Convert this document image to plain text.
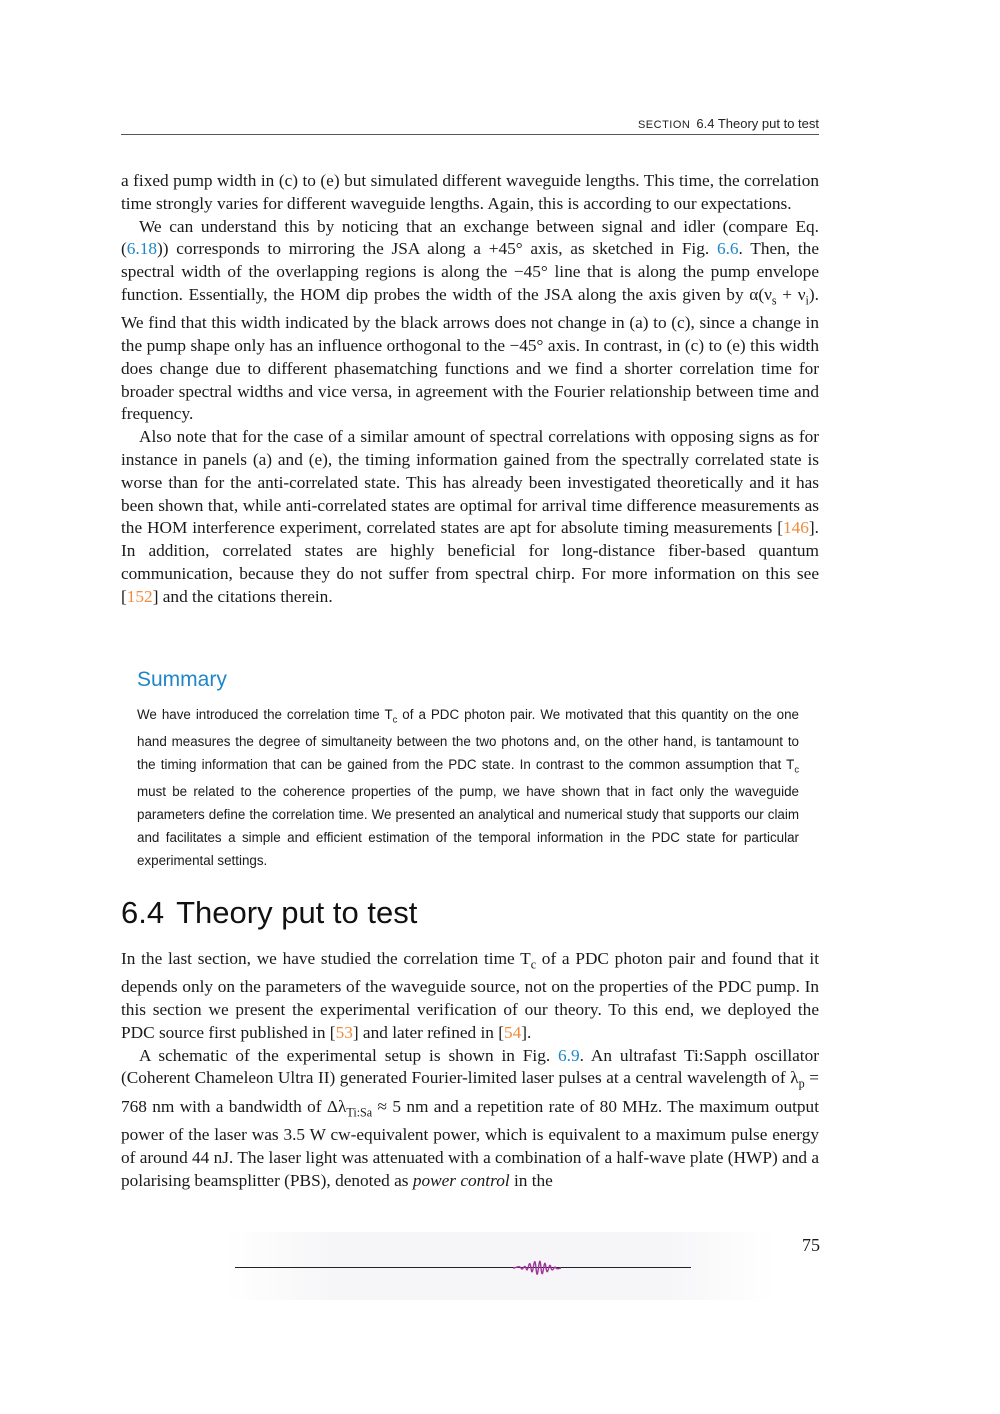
SECTION 6.4 Theory put to test

a fixed pump width in (c) to (e) but simulated different waveguide lengths. This time, the correlation time strongly varies for different waveguide lengths. Again, this is according to our expectations.

We can understand this by noticing that an exchange between signal and idler (compare Eq. (6.18)) corresponds to mirroring the JSA along a +45° axis, as sketched in Fig. 6.6. Then, the spectral width of the overlapping regions is along the −45° line that is along the pump envelope function. Essentially, the HOM dip probes the width of the JSA along the axis given by $\alpha(\nu_s + \nu_i)$. We find that this width indicated by the black arrows does not change in (a) to (c), since a change in the pump shape only has an influence orthogonal to the −45° axis. In contrast, in (c) to (e) this width does change due to different phasematching functions and we find a shorter correlation time for broader spectral widths and vice versa, in agreement with the Fourier relationship between time and frequency.

Also note that for the case of a similar amount of spectral correlations with opposing signs as for instance in panels (a) and (e), the timing information gained from the spectrally correlated state is worse than for the anti-correlated state. This has already been investigated theoretically and it has been shown that, while anti-correlated states are optimal for arrival time difference measurements as the HOM interference experiment, correlated states are apt for absolute timing measurements [146]. In addition, correlated states are highly beneficial for long-distance fiber-based quantum communication, because they do not suffer from spectral chirp. For more information on this see [152] and the citations therein.

Summary

We have introduced the correlation time $T_c$ of a PDC photon pair. We motivated that this quantity on the one hand measures the degree of simultaneity between the two photons and, on the other hand, is tantamount to the timing information that can be gained from the PDC state. In contrast to the common assumption that $T_c$ must be related to the coherence properties of the pump, we have shown that in fact only the waveguide parameters define the correlation time. We presented an analytical and numerical study that supports our claim and facilitates a simple and efficient estimation of the temporal information in the PDC state for particular experimental settings.

6.4 Theory put to test

In the last section, we have studied the correlation time $T_c$ of a PDC photon pair and found that it depends only on the parameters of the waveguide source, not on the properties of the PDC pump. In this section we present the experimental verification of our theory. To this end, we deployed the PDC source first published in [53] and later refined in [54].

A schematic of the experimental setup is shown in Fig. 6.9. An ultrafast Ti:Sapph oscillator (Coherent Chameleon Ultra II) generated Fourier-limited laser pulses at a central wavelength of $\lambda_p = 768$ nm with a bandwidth of $\Delta\lambda_{Ti:Sa} \approx 5$ nm and a repetition rate of 80 MHz. The maximum output power of the laser was 3.5 W cw-equivalent power, which is equivalent to a maximum pulse energy of around 44 nJ. The laser light was attenuated with a combination of a half-wave plate (HWP) and a polarising beamsplitter (PBS), denoted as power control in the

75
